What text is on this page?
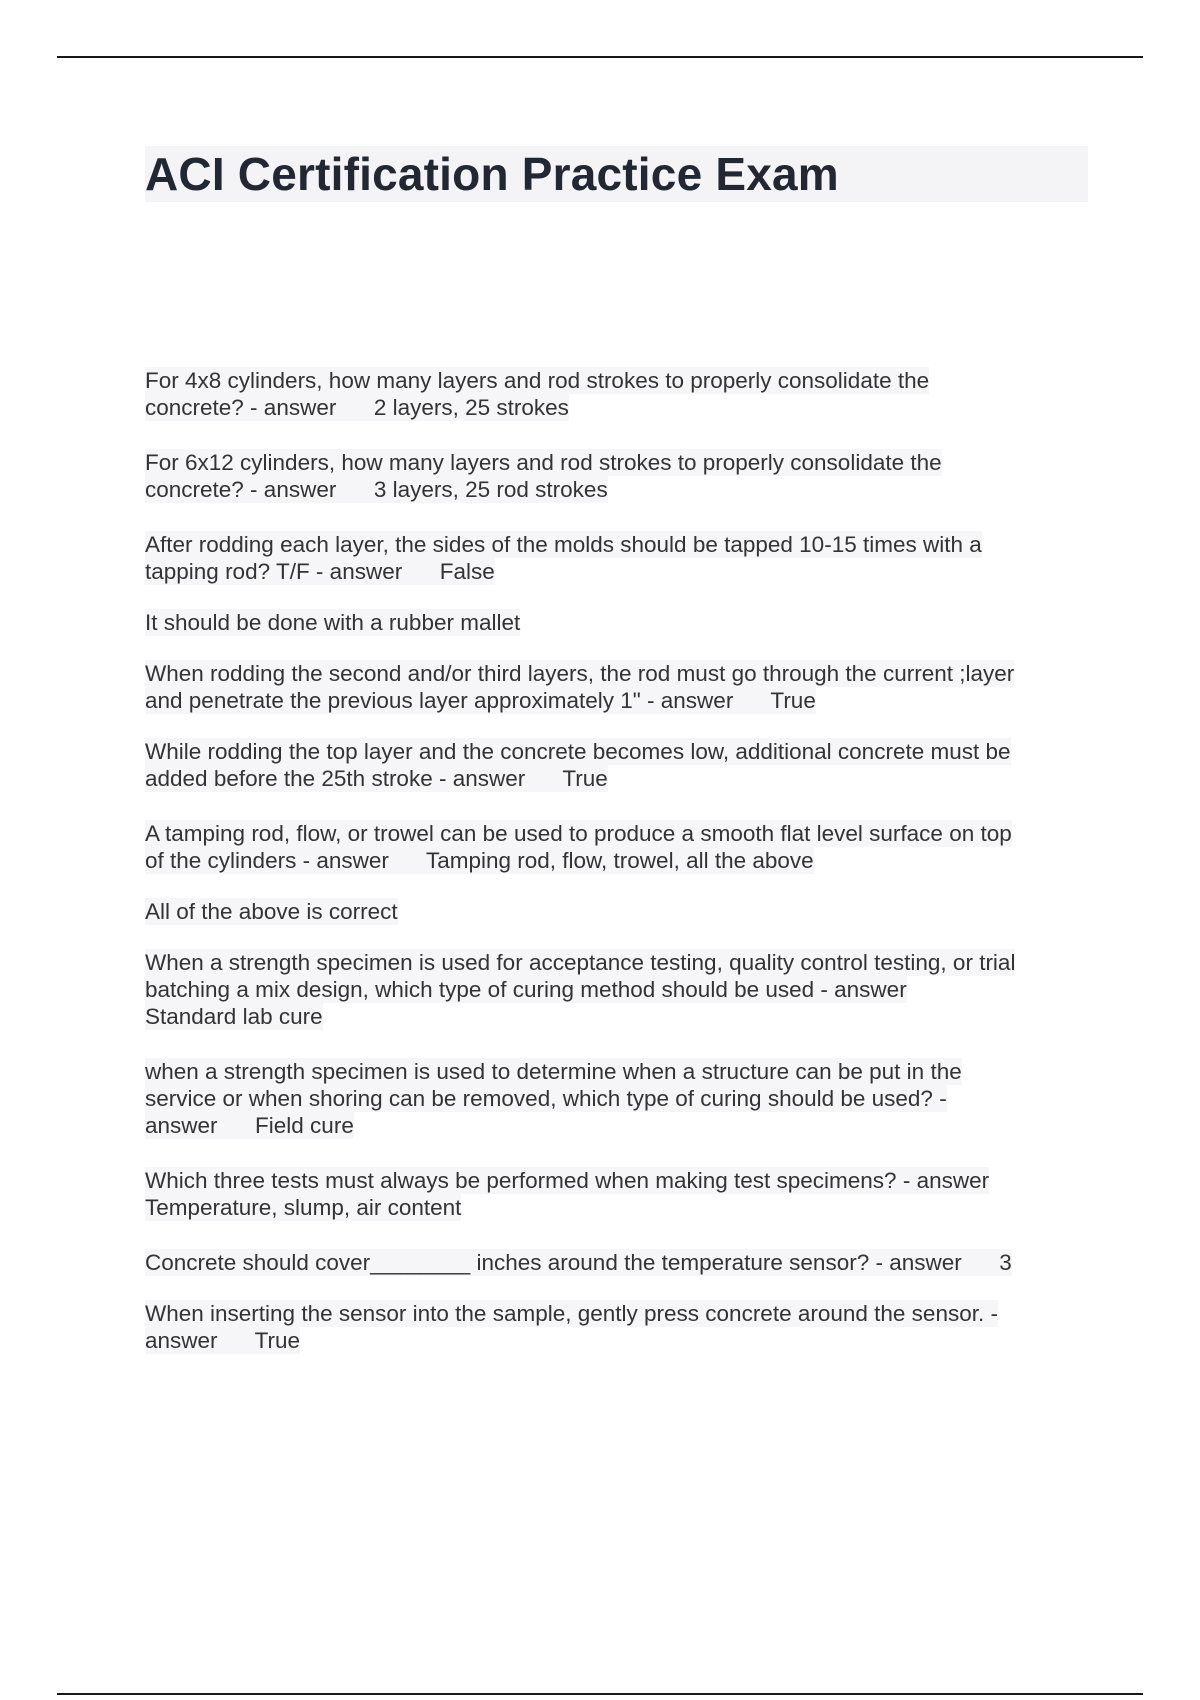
ACI Certification Practice Exam

For 4x8 cylinders, how many layers and rod strokes to properly consolidate the
concrete? - answer      2 layers, 25 strokes

For 6x12 cylinders, how many layers and rod strokes to properly consolidate the
concrete? - answer      3 layers, 25 rod strokes

After rodding each layer, the sides of the molds should be tapped 10-15 times with a
tapping rod? T/F - answer      False

It should be done with a rubber mallet

When rodding the second and/or third layers, the rod must go through the current ;layer
and penetrate the previous layer approximately 1" - answer      True

While rodding the top layer and the concrete becomes low, additional concrete must be
added before the 25th stroke - answer      True

A tamping rod, flow, or trowel can be used to produce a smooth flat level surface on top
of the cylinders - answer      Tamping rod, flow, trowel, all the above

All of the above is correct

When a strength specimen is used for acceptance testing, quality control testing, or trial
batching a mix design, which type of curing method should be used - answer
Standard lab cure

when a strength specimen is used to determine when a structure can be put in the
service or when shoring can be removed, which type of curing should be used? -
answer      Field cure

Which three tests must always be performed when making test specimens? - answer
Temperature, slump, air content

Concrete should cover________ inches around the temperature sensor? - answer      3

When inserting the sensor into the sample, gently press concrete around the sensor. -
answer      True
